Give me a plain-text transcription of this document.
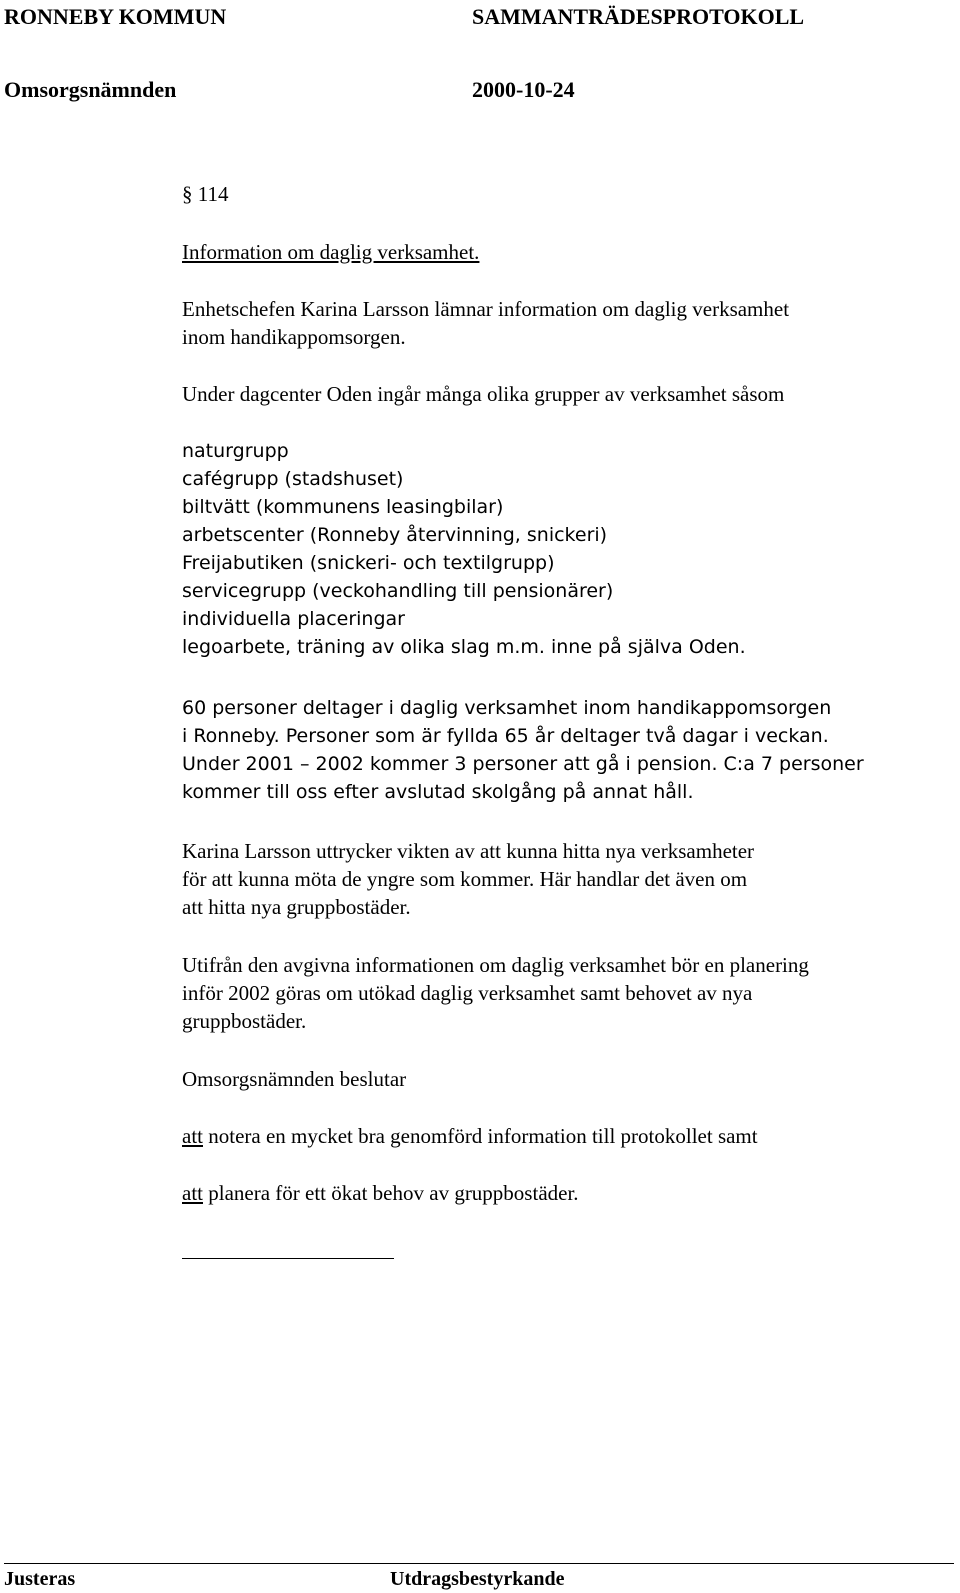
RONNEBY KOMMUN	SAMMANTRÄDESPROTOKOLL
Omsorgsnämnden	2000-10-24
§ 114
Information om daglig verksamhet.
Enhetschefen Karina Larsson lämnar information om daglig verksamhet
inom handikappomsorgen.
Under dagcenter Oden ingår många olika grupper av verksamhet såsom
naturgrupp
cafégrupp (stadshuset)
biltvätt (kommunens leasingbilar)
arbetscenter (Ronneby återvinning, snickeri)
Freijabutiken (snickeri- och textilgrupp)
servicegrupp (veckohandling till pensionärer)
individuella placeringar
legoarbete, träning av olika slag m.m. inne på själva Oden.
60 personer deltager i daglig verksamhet inom handikappomsorgen
i Ronneby. Personer som är fyllda 65 år deltager två dagar i veckan.
Under 2001 – 2002 kommer 3 personer att gå i pension. C:a 7 personer
kommer till oss efter avslutad skolgång på annat håll.
Karina Larsson uttrycker vikten av att kunna hitta nya verksamheter
för att kunna möta de yngre som kommer. Här handlar det även om
att hitta nya gruppbostäder.
Utifrån den avgivna informationen om daglig verksamhet bör en planering
inför 2002 göras om utökad daglig verksamhet samt behovet av nya
gruppbostäder.
Omsorgsnämnden beslutar
att notera en mycket bra genomförd information till protokollet samt
att planera för ett ökat behov av gruppbostäder.
Justeras	Utdragsbestyrkande
